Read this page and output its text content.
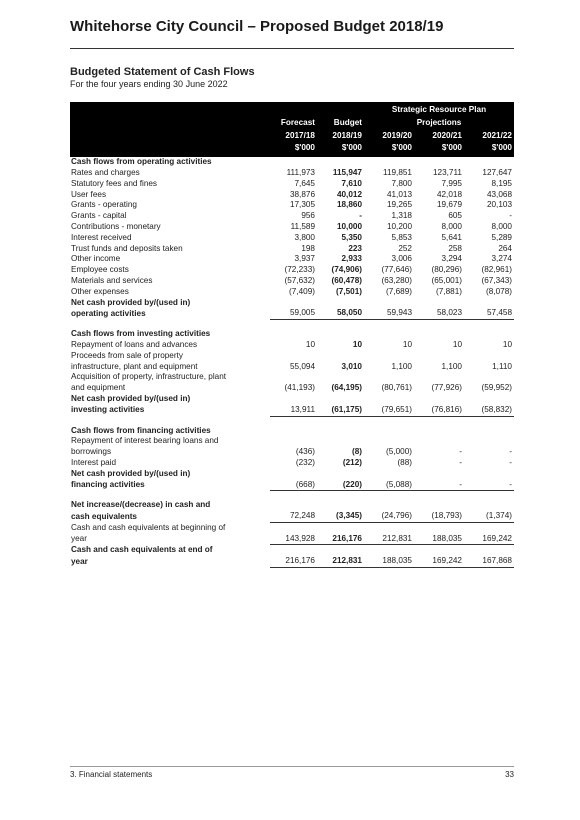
Whitehorse City Council – Proposed Budget 2018/19
Budgeted Statement of Cash Flows
For the four years ending 30 June 2022
			Strategic Resource Plan		
	Forecast	Budget	Projections		
	2017/18	2018/19	2019/20	2020/21	2021/22
	$'000	$'000	$'000	$'000	$'000
Cash flows from operating activities					
Rates and charges	111,973	115,947	119,851	123,711	127,647
Statutory fees and fines	7,645	7,610	7,800	7,995	8,195
User fees	38,876	40,012	41,013	42,018	43,068
Grants - operating	17,305	18,860	19,265	19,679	20,103
Grants - capital	956	-	1,318	605	-
Contributions - monetary	11,589	10,000	10,200	8,000	8,000
Interest received	3,800	5,350	5,853	5,641	5,289
Trust funds and deposits taken	198	223	252	258	264
Other income	3,937	2,933	3,006	3,294	3,274
Employee costs	(72,233)	(74,906)	(77,646)	(80,296)	(82,961)
Materials and services	(57,632)	(60,478)	(63,280)	(65,001)	(67,343)
Other expenses	(7,409)	(7,501)	(7,689)	(7,881)	(8,078)
Net cash provided by/(used in)					
operating activities	59,005	58,050	59,943	58,023	57,458

Cash flows from investing activities					
Repayment of loans and advances	10	10	10	10	10
Proceeds from sale of property					
infrastructure, plant and equipment	55,094	3,010	1,100	1,100	1,110
Acquisition of property, infrastructure, plant					
and equipment	(41,193)	(64,195)	(80,761)	(77,926)	(59,952)
Net cash provided by/(used in)					
investing activities	13,911	(61,175)	(79,651)	(76,816)	(58,832)

Cash flows from financing activities					
Repayment of interest bearing loans and					
borrowings	(436)	(8)	(5,000)	-	-
Interest paid	(232)	(212)	(88)	-	-
Net cash provided by/(used in)					
financing activities	(668)	(220)	(5,088)	-	-

Net increase/(decrease) in cash and					
cash equivalents	72,248	(3,345)	(24,796)	(18,793)	(1,374)
Cash and cash equivalents at beginning of					
year	143,928	216,176	212,831	188,035	169,242
Cash and cash equivalents at end of					
year	216,176	212,831	188,035	169,242	167,868
3. Financial statements	33
